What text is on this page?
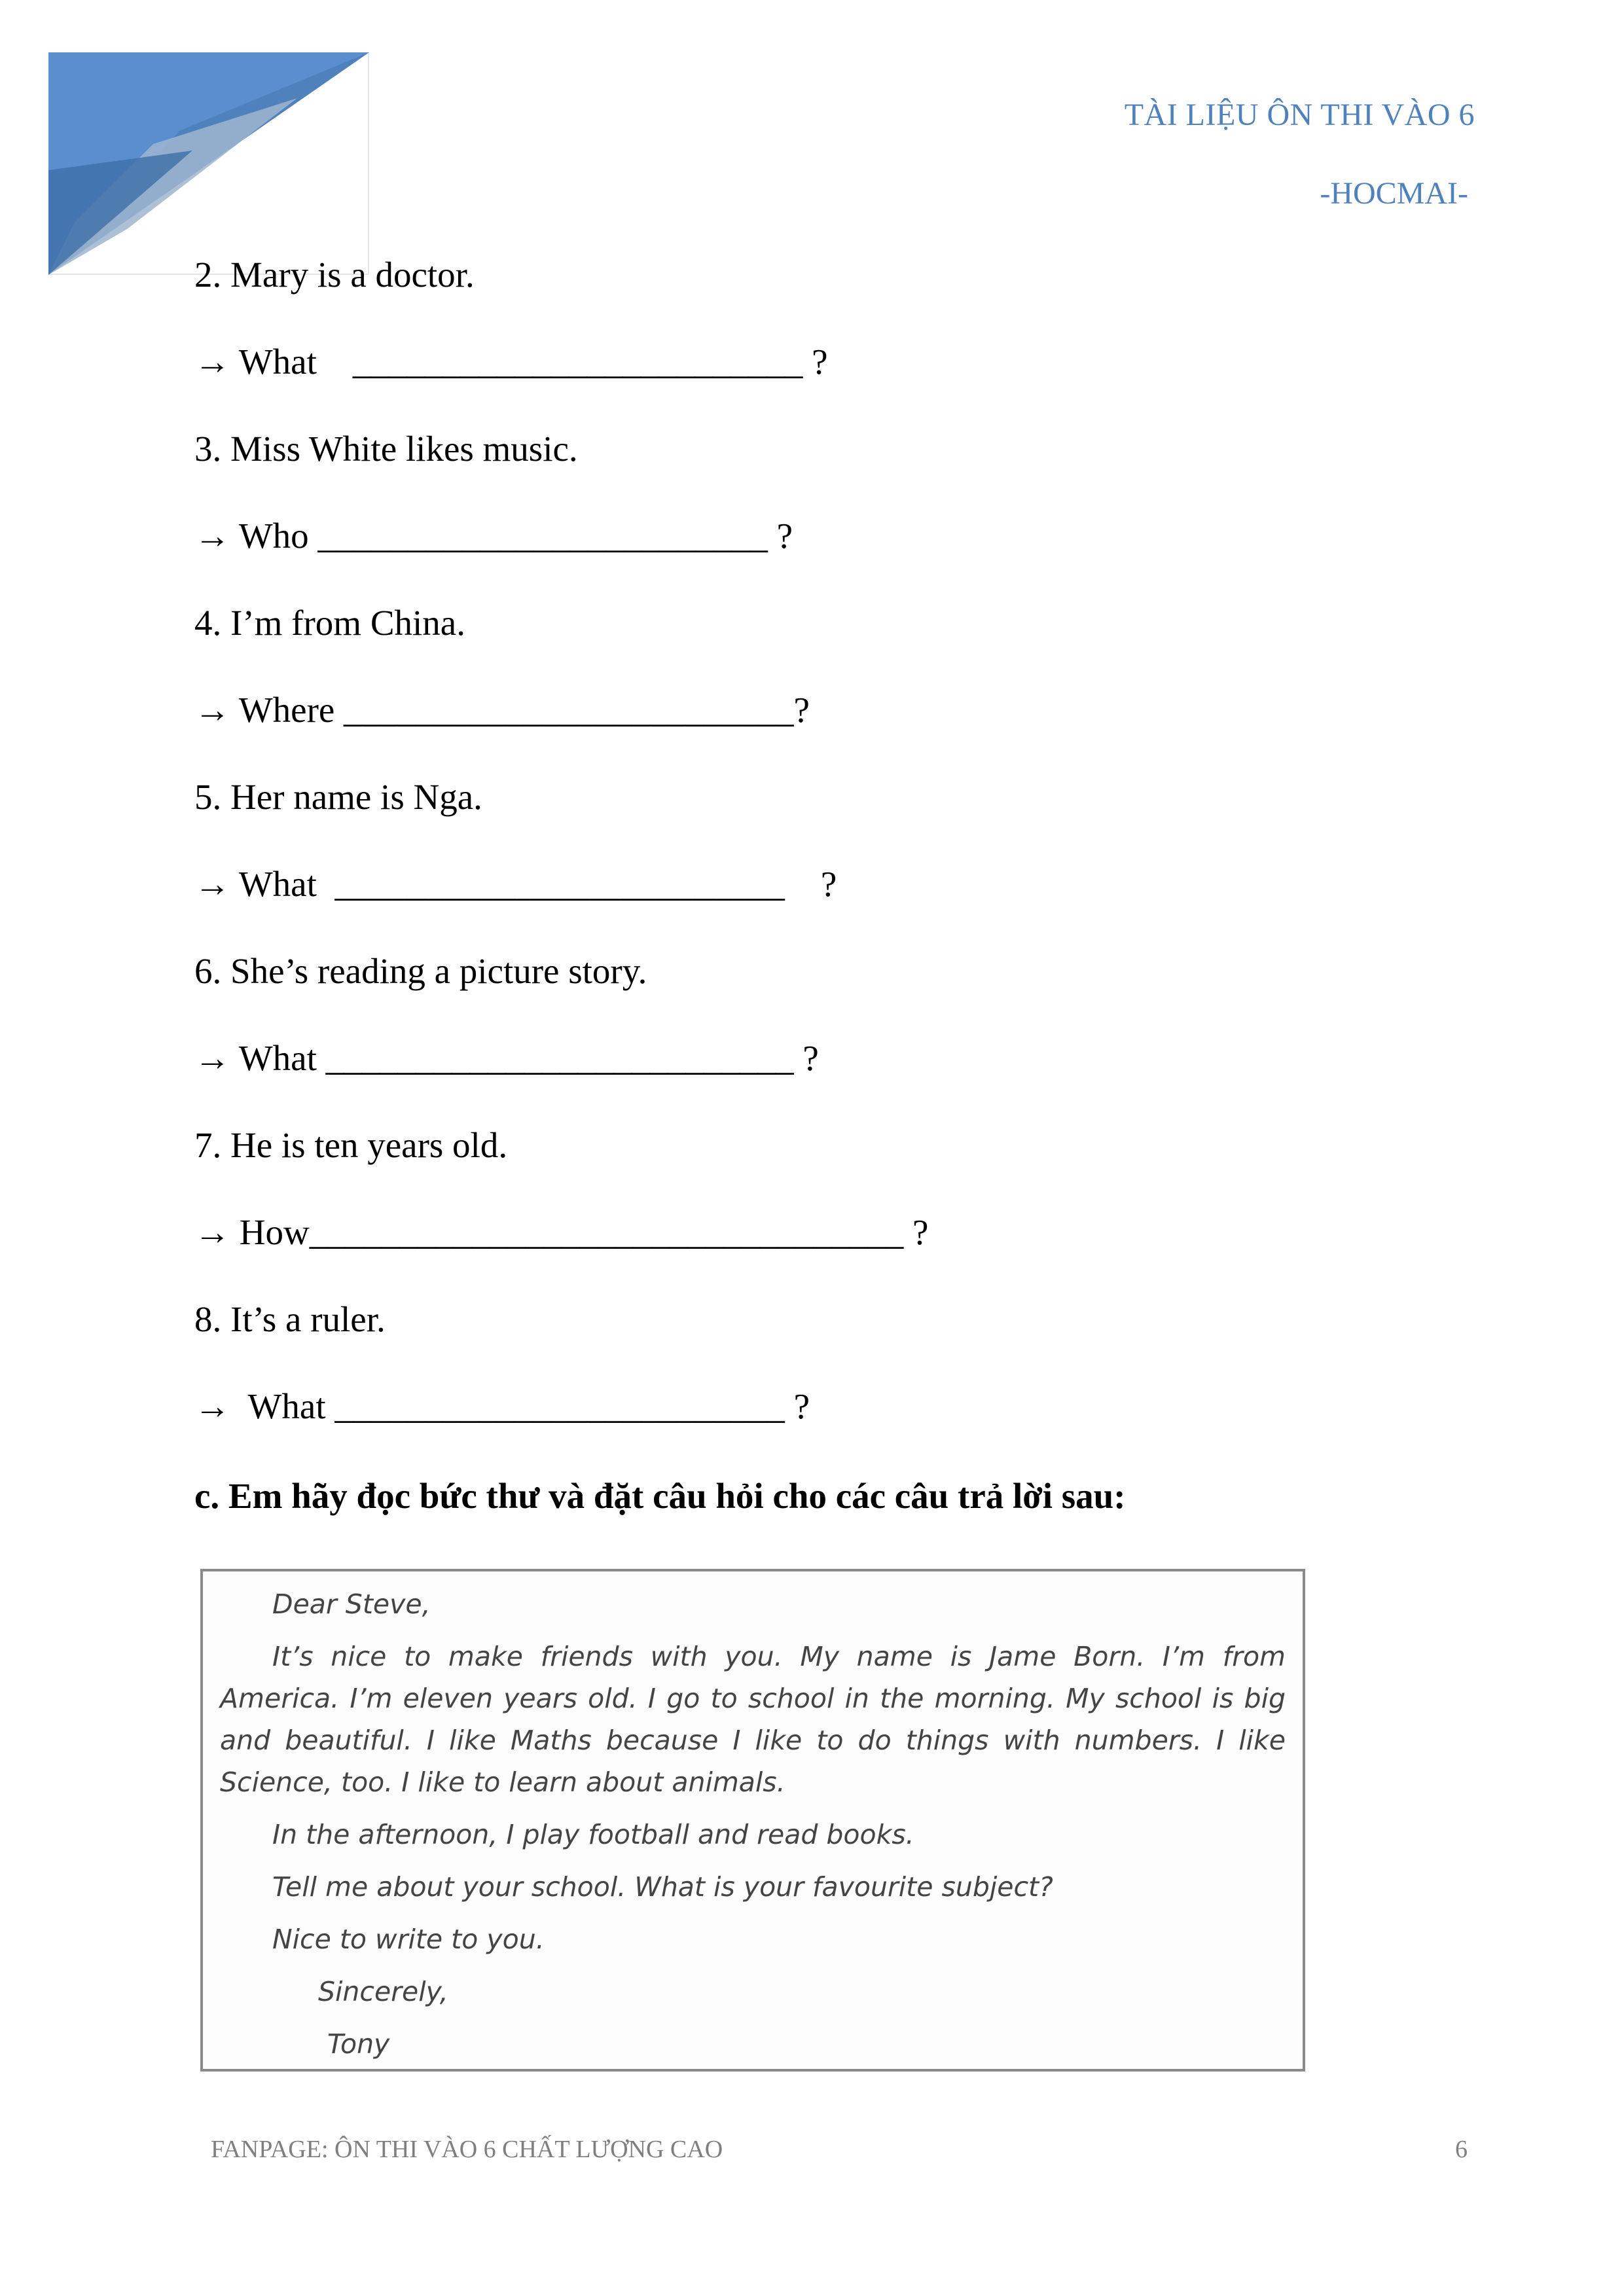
TÀI LIỆU ÔN THI VÀO 6
-HOCMAI-
2. Mary is a doctor.
→ What    _________________________ ?
3. Miss White likes music.
→ Who _________________________ ?
4. I’m from China.
→ Where _________________________?
5. Her name is Nga.
→ What  _________________________    ?
6. She’s reading a picture story.
→ What __________________________ ?
7. He is ten years old.
→ How_________________________________ ?
8. It’s a ruler.
→  What _________________________ ?
c. Em hãy đọc bức thư và đặt câu hỏi cho các câu trả lời sau:

Dear Steve,

It’s nice to make friends with you. My name is Jame Born. I’m from America. I’m eleven years old. I go to school in the morning. My school is big and beautiful. I like Maths because I like to do things with numbers. I like Science, too. I like to learn about animals.

In the afternoon, I play football and read books.

Tell me about your school. What is your favourite subject?

Nice to write to you.

Sincerely,

Tony

FANPAGE: ÔN THI VÀO 6 CHẤT LƯỢNG CAO	6
